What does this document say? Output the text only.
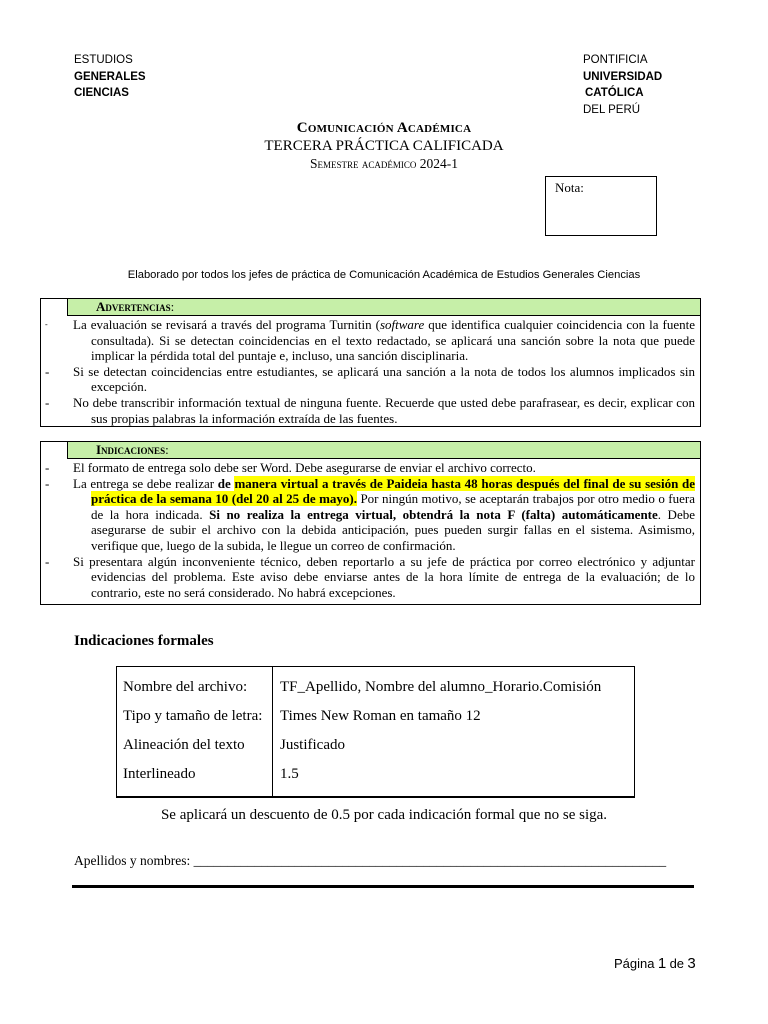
ESTUDIOS
GENERALES
CIENCIAS
PONTIFICIA
UNIVERSIDAD
CATÓLICA
DEL PERÚ
Comunicación Académica
TERCERA PRÁCTICA CALIFICADA
Semestre académico 2024-1
Nota:
Elaborado por todos los jefes de práctica de Comunicación Académica de Estudios Generales Ciencias
Advertencias:
- La evaluación se revisará a través del programa Turnitin (software que identifica cualquier coincidencia con la fuente consultada). Si se detectan coincidencias en el texto redactado, se aplicará una sanción sobre la nota que puede implicar la pérdida total del puntaje e, incluso, una sanción disciplinaria.
- Si se detectan coincidencias entre estudiantes, se aplicará una sanción a la nota de todos los alumnos implicados sin excepción.
- No debe transcribir información textual de ninguna fuente. Recuerde que usted debe parafrasear, es decir, explicar con sus propias palabras la información extraída de las fuentes.
Indicaciones:
- El formato de entrega solo debe ser Word. Debe asegurarse de enviar el archivo correcto.
- La entrega se debe realizar de manera virtual a través de Paideia hasta 48 horas después del final de su sesión de práctica de la semana 10 (del 20 al 25 de mayo). Por ningún motivo, se aceptarán trabajos por otro medio o fuera de la hora indicada. Si no realiza la entrega virtual, obtendrá la nota F (falta) automáticamente. Debe asegurarse de subir el archivo con la debida anticipación, pues pueden surgir fallas en el sistema. Asimismo, verifique que, luego de la subida, le llegue un correo de confirmación.
- Si presentara algún inconveniente técnico, deben reportarlo a su jefe de práctica por correo electrónico y adjuntar evidencias del problema. Este aviso debe enviarse antes de la hora límite de entrega de la evaluación; de lo contrario, este no será considerado. No habrá excepciones.
Indicaciones formales
Nombre del archivo:
Tipo y tamaño de letra:
Alineación del texto
Interlineado
TF_Apellido, Nombre del alumno_Horario.Comisión
Times New Roman en tamaño 12
Justificado
1.5
Se aplicará un descuento de 0.5 por cada indicación formal que no se siga.
Apellidos y nombres: ______________________________________________________________________
Página 1 de 3
